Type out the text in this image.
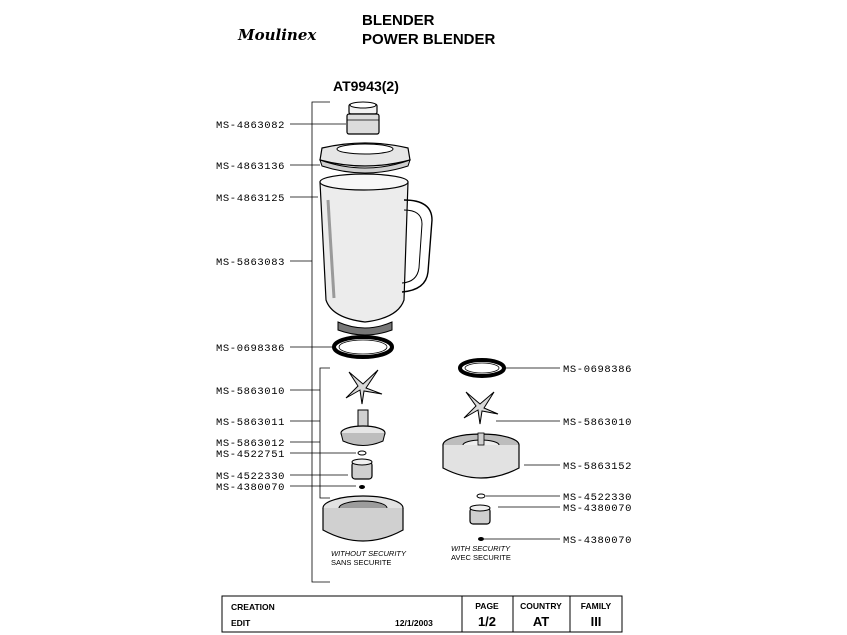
Moulinex
BLENDER
POWER BLENDER
AT9943(2)
MS-4863082
MS-4863136
MS-4863125
MS-5863083
MS-0698386
MS-5863010
MS-5863011
MS-5863012
MS-4522751
MS-4522330
MS-4380070
MS-0698386
MS-5863010
MS-5863152
MS-4522330
MS-4380070
MS-4380070
WITHOUT SECURITY
SANS SECURITE
WITH SECURITY
AVEC SECURITE
CREATION
EDIT	12/1/2003
PAGE
1/2
COUNTRY
AT
FAMILY
III
